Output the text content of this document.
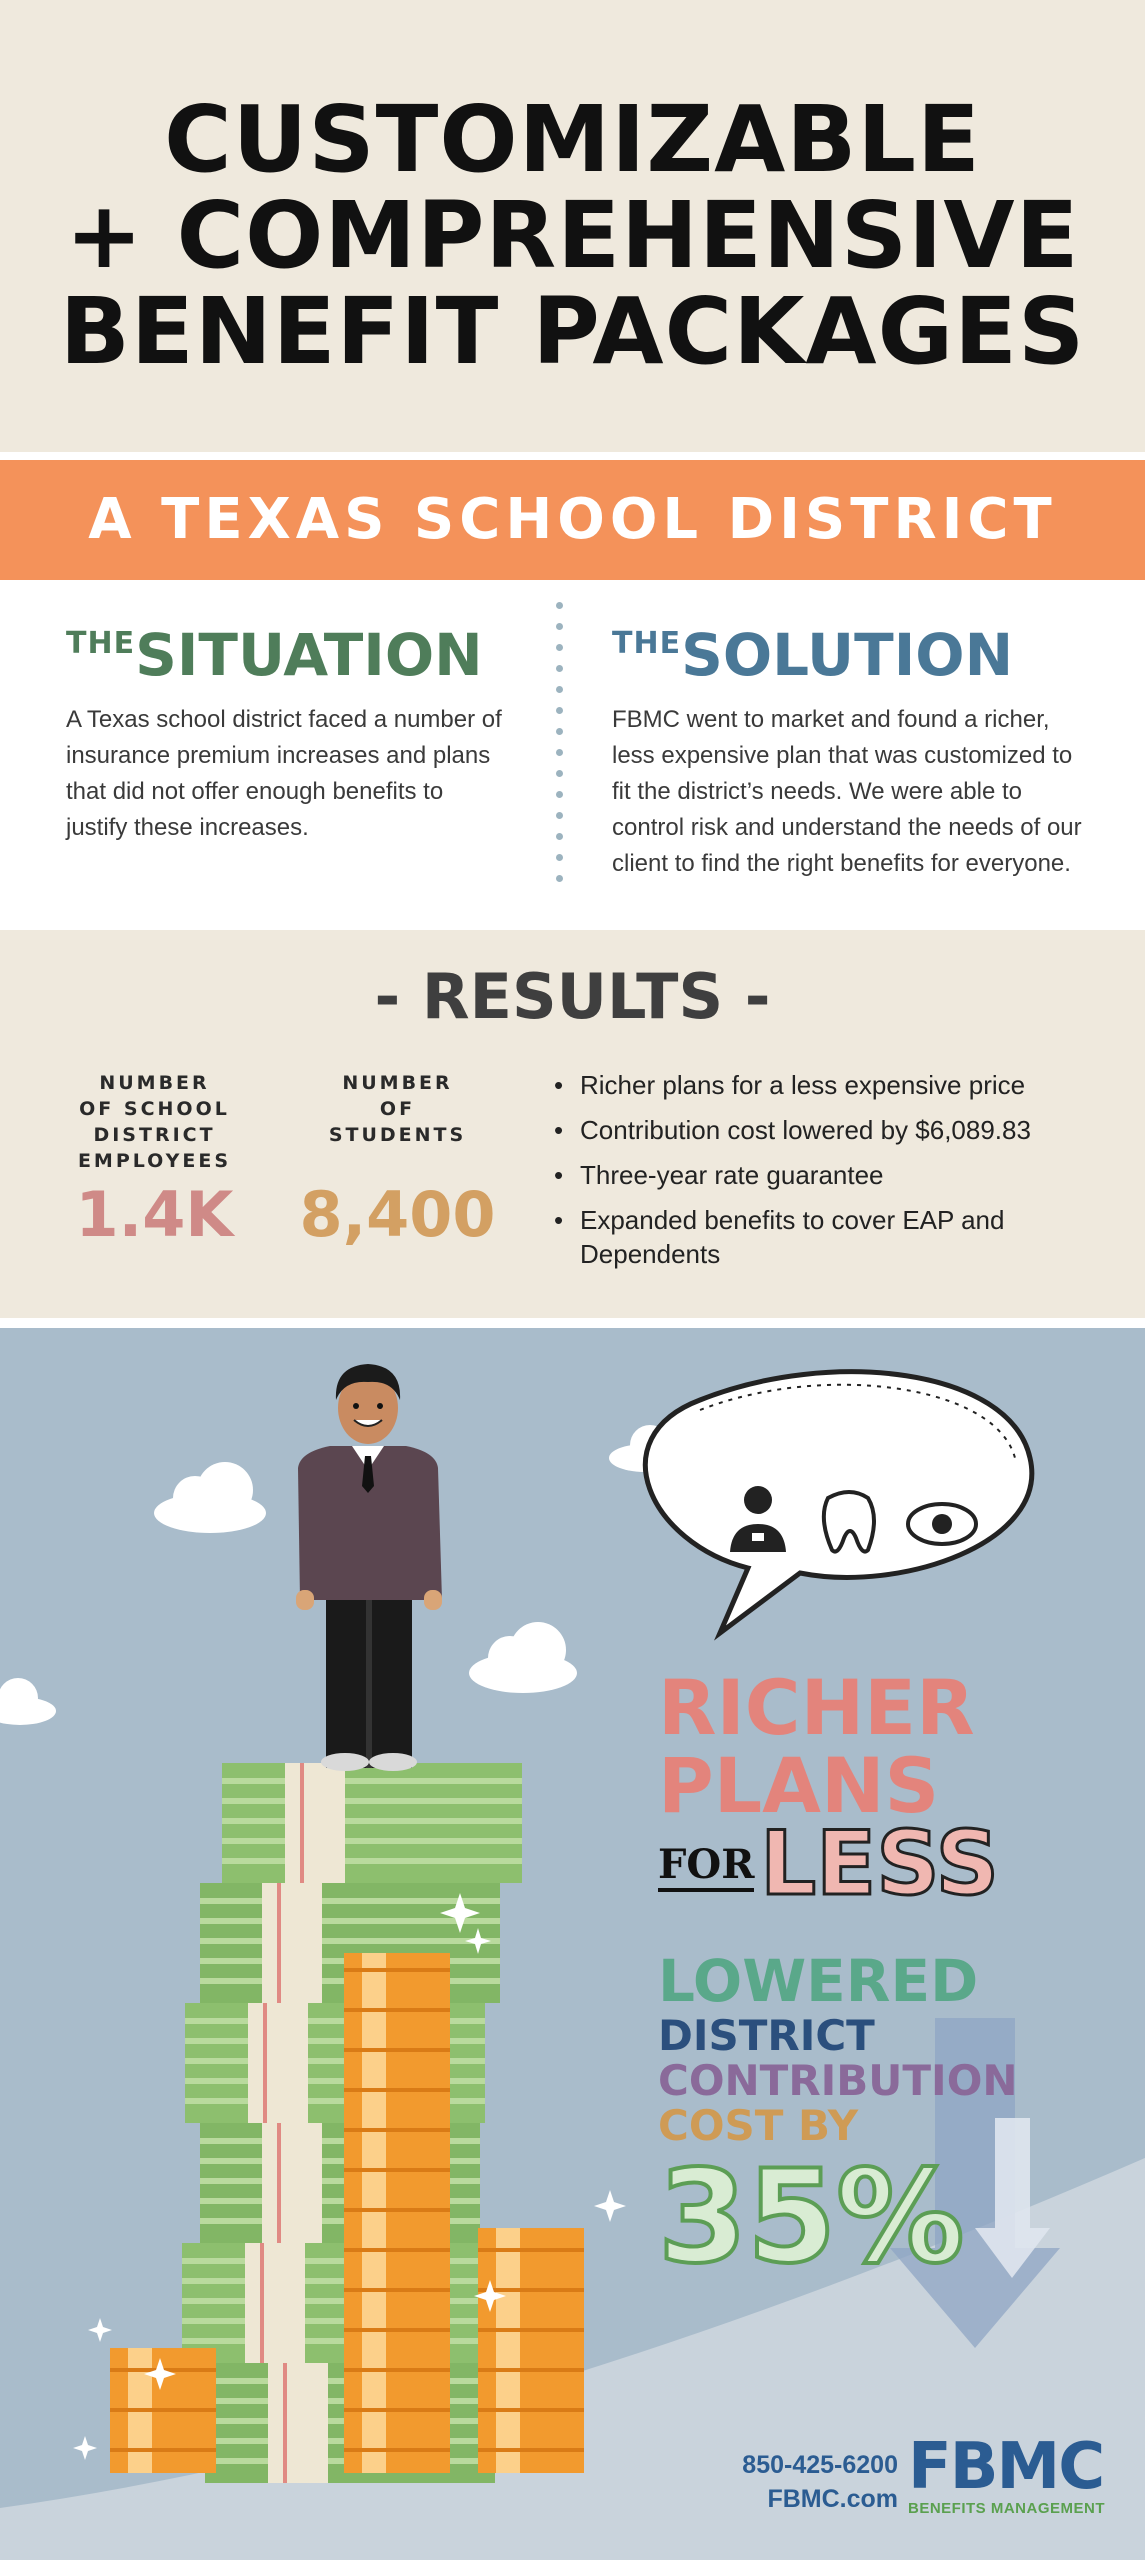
CUSTOMIZABLE
+ COMPREHENSIVE
BENEFIT PACKAGES
A TEXAS SCHOOL DISTRICT
THESITUATION

A Texas school district faced a number of insurance premium increases and plans that did not offer enough benefits to justify these increases.

THESOLUTION

FBMC went to market and found a richer, less expensive plan that was customized to fit the district’s needs. We were able to control risk and understand the needs of our client to find the right benefits for everyone.

- RESULTS -
NUMBER
OF SCHOOL
DISTRICT
EMPLOYEES
1.4K
NUMBER
OF
STUDENTS
8,400
• Richer plans for a less expensive price
• Contribution cost lowered by $6,089.83
• Three-year rate guarantee
• Expanded benefits to cover EAP and Dependents
RICHER
PLANS
FOR LESS
LOWERED
DISTRICT
CONTRIBUTION
COST BY
35%
850-425-6200
FBMC.com FBMC
BENEFITS MANAGEMENT
